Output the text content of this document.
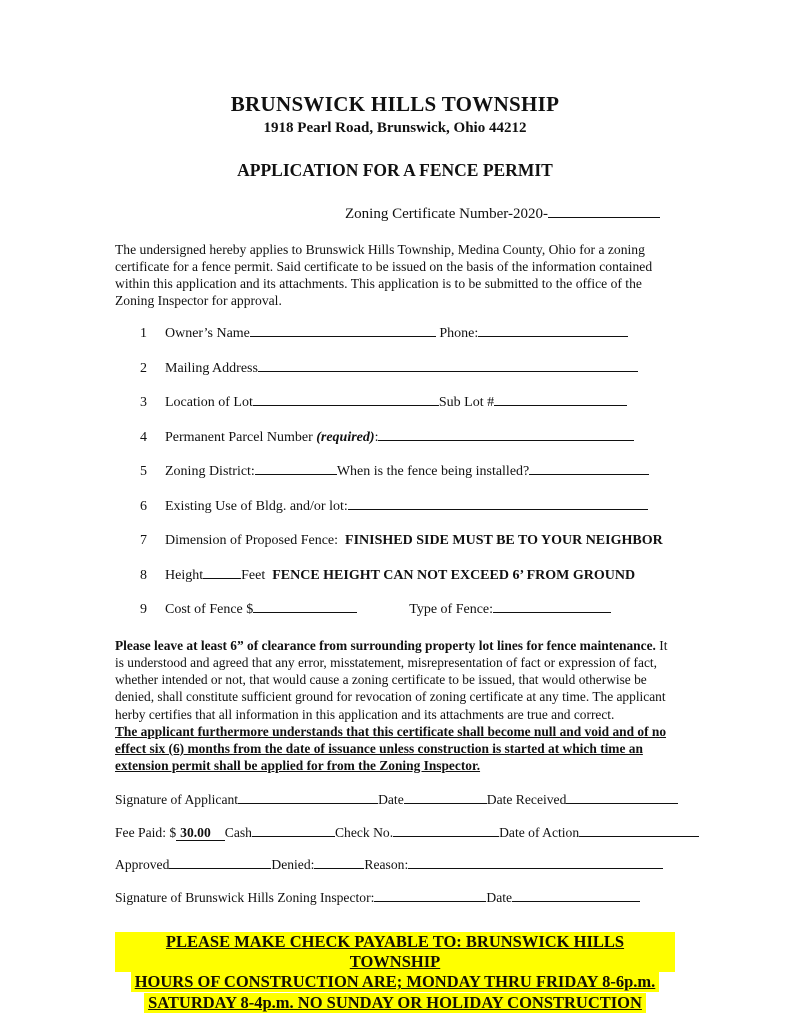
BRUNSWICK HILLS TOWNSHIP
1918 Pearl Road, Brunswick, Ohio 44212
APPLICATION FOR A FENCE PERMIT
Zoning Certificate Number-2020-

The undersigned hereby applies to Brunswick Hills Township, Medina County, Ohio for a zoning certificate for a fence permit. Said certificate to be issued on the basis of the information contained within this application and its attachments. This application is to be submitted to the office of the Zoning Inspector for approval.

1 Owner’s Name	Phone:
2 Mailing Address
3 Location of Lot	Sub Lot #
4 Permanent Parcel Number (required):
5 Zoning District:	When is the fence being installed?
6 Existing Use of Bldg. and/or lot:
7 Dimension of Proposed Fence: FINISHED SIDE MUST BE TO YOUR NEIGHBOR
8 Height	Feet FENCE HEIGHT CAN NOT EXCEED 6’ FROM GROUND
9 Cost of Fence $	Type of Fence:
Please leave at least 6” of clearance from surrounding property lot lines for fence maintenance. It is understood and agreed that any error, misstatement, misrepresentation of fact or expression of fact, whether intended or not, that would cause a zoning certificate to be issued, that would otherwise be denied, shall constitute sufficient ground for revocation of zoning certificate at any time. The applicant herby certifies that all information in this application and its attachments are true and correct.
The applicant furthermore understands that this certificate shall become null and void and of no effect six (6) months from the date of issuance unless construction is started at which time an extension permit shall be applied for from the Zoning Inspector.
Signature of Applicant	Date	Date Received
Fee Paid: $ 30.00 Cash	Check No.	Date of Action
Approved	Denied:	Reason:
Signature of Brunswick Hills Zoning Inspector:	Date
PLEASE MAKE CHECK PAYABLE TO: BRUNSWICK HILLS TOWNSHIP
HOURS OF CONSTRUCTION ARE; MONDAY THRU FRIDAY 8-6p.m.
SATURDAY 8-4p.m. NO SUNDAY OR HOLIDAY CONSTRUCTION
